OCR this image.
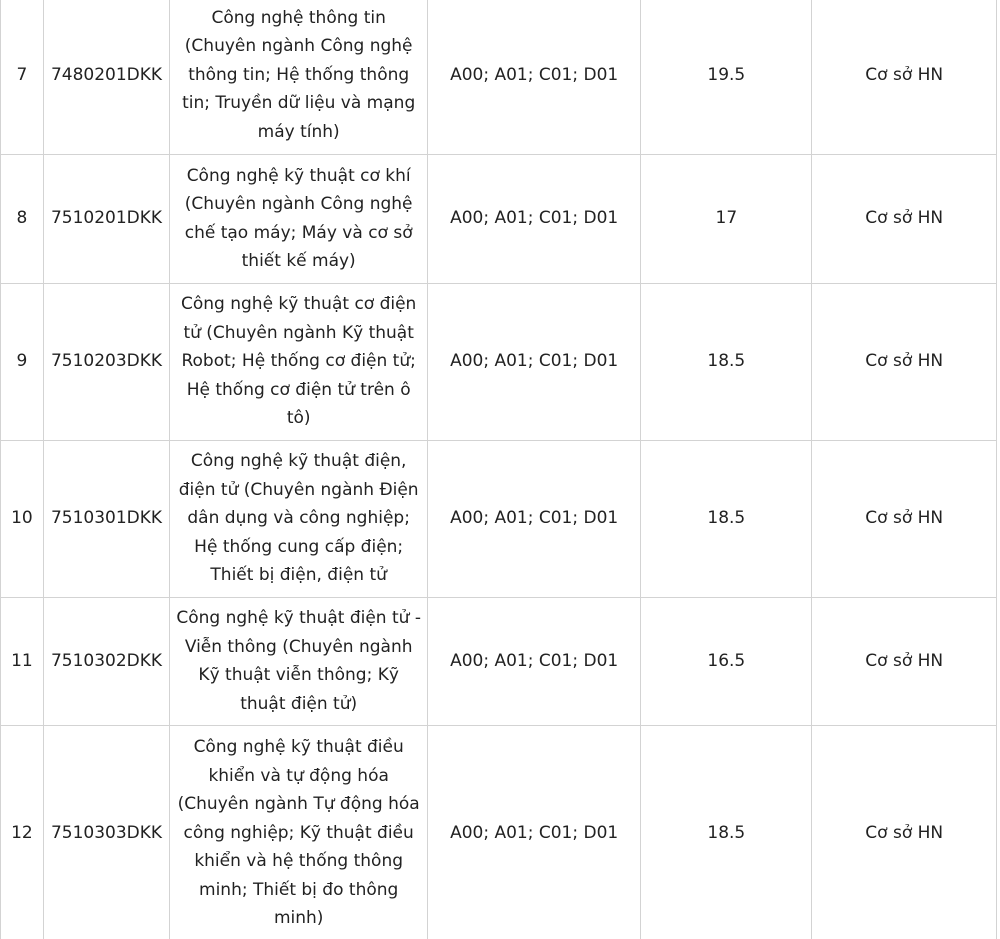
7	7480201DKK	Công nghệ thông tin (Chuyên ngành Công nghệ thông tin; Hệ thống thông tin; Truyền dữ liệu và mạng máy tính)	A00; A01; C01; D01	19.5	Cơ sở HN
8	7510201DKK	Công nghệ kỹ thuật cơ khí (Chuyên ngành Công nghệ chế tạo máy; Máy và cơ sở thiết kế máy)	A00; A01; C01; D01	17	Cơ sở HN
9	7510203DKK	Công nghệ kỹ thuật cơ điện tử (Chuyên ngành Kỹ thuật Robot; Hệ thống cơ điện tử; Hệ thống cơ điện tử trên ô tô)	A00; A01; C01; D01	18.5	Cơ sở HN
10	7510301DKK	Công nghệ kỹ thuật điện, điện tử (Chuyên ngành Điện dân dụng và công nghiệp; Hệ thống cung cấp điện; Thiết bị điện, điện tử	A00; A01; C01; D01	18.5	Cơ sở HN
11	7510302DKK	Công nghệ kỹ thuật điện tử - Viễn thông (Chuyên ngành Kỹ thuật viễn thông; Kỹ thuật điện tử)	A00; A01; C01; D01	16.5	Cơ sở HN
12	7510303DKK	Công nghệ kỹ thuật điều khiển và tự động hóa (Chuyên ngành Tự động hóa công nghiệp; Kỹ thuật điều khiển và hệ thống thông minh; Thiết bị đo thông minh)	A00; A01; C01; D01	18.5	Cơ sở HN
